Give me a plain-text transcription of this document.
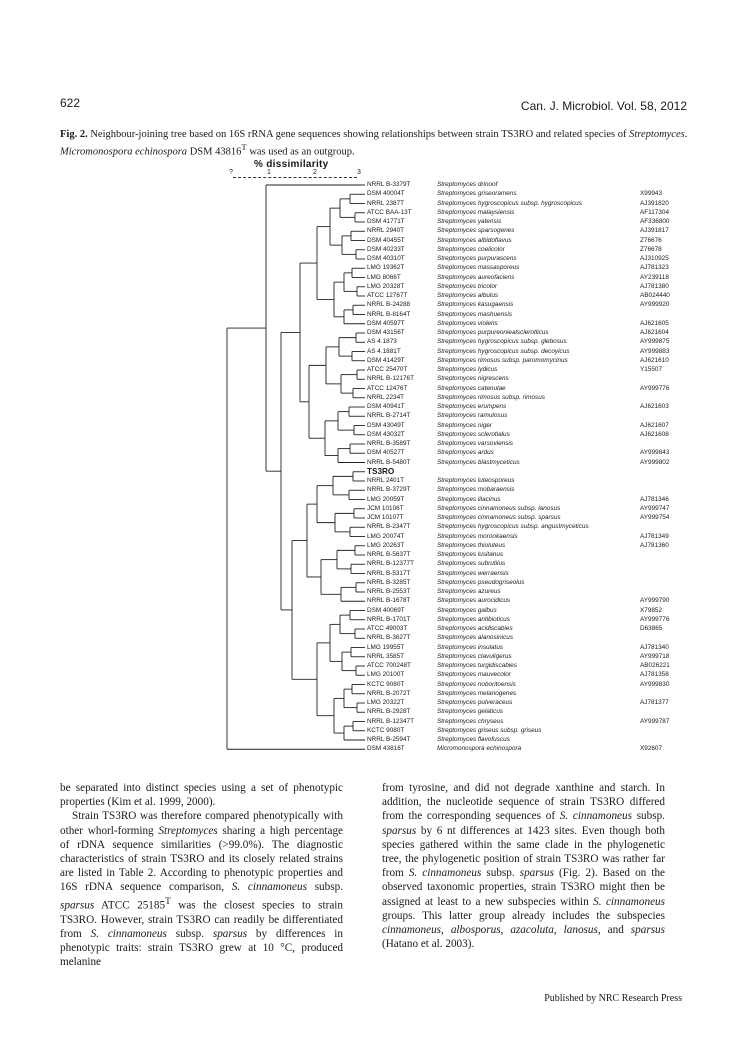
622	Can. J. Microbiol. Vol. 58, 2012
Fig. 2. Neighbour-joining tree based on 16S rRNA gene sequences showing relationships between strain TS3RO and related species of Streptomyces. Micromonospora echinospora DSM $43816^T$ was used as an outgroup.
% dissimilarity
?	1	2	3
NRRL B-3379T	Streptomyces drinoof
DSM 40004T	Streptomyces griseoramens	X99943
NRRL 2387T	Streptomyces hygroscopicus subsp. hygroscopicus	AJ391820
ATCC BAA-13T	Streptomyces malaysiensis	AF117304
DSM 41771T	Streptomyces yatensis	AF336800
NRRL 2940T	Streptomyces sparsogenes	AJ391817
DSM 40455T	Streptomyces albidoflavus	Z76676
DSM 40233T	Streptomyces coelicolor	Z76678
DSM 40310T	Streptomyces purpurascens	AJ310925
LMG 19362T	Streptomyces massasporeus	AJ781323
LMG 8066T	Streptomyces aureofaciens	AY239118
LMG 20328T	Streptomyces tricolor	AJ781380
ATCC 12767T	Streptomyces albulus	AB024440
NRRL B-24288	Streptomyces kasugaensis	AY999920
NRRL B-8164T	Streptomyces mashuensis
DSM 40597T	Streptomyces violens	AJ621605
DSM 43156T	Streptomyces purpureoniealsclerotlicus	AJ621604
AS 4.1873	Streptomyces hygroscopicus subsp. glebosus	AY999875
AS 4.1881T	Streptomyces hygroscopicus subsp. decoyicus	AY999883
DSM 41429T	Streptomyces rimosus subsp. paromomycinus	AJ621610
ATCC 25470T	Streptomyces lydicus	Y15507
NRRL B-12176T	Streptomyces nigrescens
ATCC 12476T	Streptomyces catenulae	AY999776
NRRL 2234T	Streptomyces rimosus subsp. rimosus
DSM 40941T	Streptomyces erumpens	AJ621603
NRRL B-2714T	Streptomyces ramulosus
DSM 43049T	Streptomyces niger	AJ621607
DSM 43032T	Streptomyces sclerotialus	AJ621608
NRRL B-3589T	Streptomyces varsoviensis
DSM 40527T	Streptomyces ardus	AY999843
NRRL B-5480T	Streptomyces blastmyceticus	AY999802
TS3RO
NRRL 2401T	Streptomyces luteosporeus
NRRL B-3729T	Streptomyces mobaraensis
LMG 20059T	Streptomyces lilacinus	AJ781346
JCM 10106T	Streptomyces cinnamoneus subsp. lanosus	AY999747
JCM 10107T	Streptomyces cinnamoneus subsp. sparsus	AY999754
NRRL B-2347T	Streptomyces hygroscopicus subsp. angustmyceticus
LMG 20074T	Streptomyces morookaensis	AJ781349
LMG 20263T	Streptomyces thioluteus	AJ781360
NRRL B-5637T	Streptomyces lusitanus
NRRL B-12377T	Streptomyces subrutilus
NRRL B-5317T	Streptomyces werraensis
NRRL B-3285T	Streptomyces pseudogriseolus
NRRL B-2553T	Streptomyces azureus
NRRL B-1678T	Streptomyces aurocidicus	AY999790
DSM 40069T	Streptomyces galbus	X79852
NRRL B-1701T	Streptomyces antibioticus	AY999776
ATCC 49003T	Streptomyces acidiscabies	D63865
NRRL B-3627T	Streptomyces alanosinicus
LMG 19955T	Streptomyces insulatus	AJ781340
NRRL 3585T	Streptomyces clavuligerus	AY999718
ATCC 700248T	Streptomyces turgidiscabies	AB026221
LMG 20100T	Streptomyces mauvecolor	AJ781358
KCTC 9080T	Streptomyces noboritoensis	AY999830
NRRL B-2072T	Streptomyces melanogenes
LMG 20322T	Streptomyces pulveraceus	AJ781377
NRRL B-2928T	Streptomyces gelaticus
NRRL B-12347T	Streptomyces chryseus	AY999787
KCTC 9080T	Streptomyces griseus subsp. griseus
NRRL B-2594T	Streptomyces flavofuscus
DSM 43816T	Micromonospora echinospora	X92607

be separated into distinct species using a set of phenotypic properties (Kim et al. 1999, 2000).

Strain TS3RO was therefore compared phenotypically with other whorl-forming Streptomyces sharing a high percentage of rDNA sequence similarities (>99.0%). The diagnostic characteristics of strain TS3RO and its closely related strains are listed in Table 2. According to phenotypic properties and 16S rDNA sequence comparison, S. cinnamoneus subsp. sparsus ATCC $25185^T$ was the closest species to strain TS3RO. However, strain TS3RO can readily be differentiated from S. cinnamoneus subsp. sparsus by differences in phenotypic traits: strain TS3RO grew at 10 °C, produced melanine

from tyrosine, and did not degrade xanthine and starch. In addition, the nucleotide sequence of strain TS3RO differed from the corresponding sequences of S. cinnamoneus subsp. sparsus by 6 nt differences at 1423 sites. Even though both species gathered within the same clade in the phylogenetic tree, the phylogenetic position of strain TS3RO was rather far from S. cinnamoneus subsp. sparsus (Fig. 2). Based on the observed taxonomic properties, strain TS3RO might then be assigned at least to a new subspecies within S. cinnamoneus groups. This latter group already includes the subspecies cinnamoneus, albosporus, azacoluta, lanosus, and sparsus (Hatano et al. 2003).

Published by NRC Research Press
